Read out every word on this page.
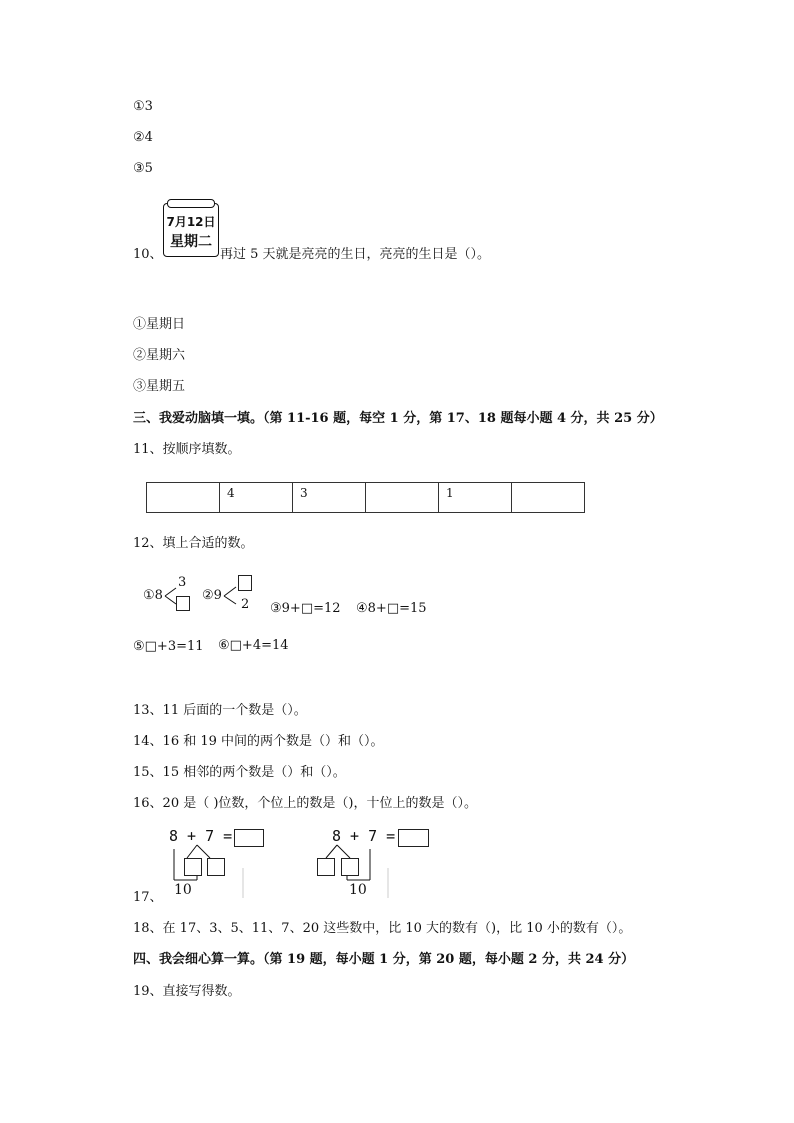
①3
②4
③5
10、
7月12日
星期二
再过 5 天就是亮亮的生日，亮亮的生日是（）。
①星期日
②星期六
③星期五
三、我爱动脑填一填。（第 11-16 题，每空 1 分，第 17、18 题每小题 4 分，共 25 分）
11、按顺序填数。
	4	3		1	
12、填上合适的数。
①8
3
②9
2 ③9+□=12 ④8+□=15
⑤□+3=11 ⑥□+4=14
13、11 后面的一个数是（）。
14、16 和 19 中间的两个数是（）和（）。
15、15 相邻的两个数是（）和（）。
16、20 是（ )位数，个位上的数是（)，十位上的数是（）。
8 + 7 =
10
8 + 7 =
10
17、
18、在 17、3、5、11、7、20 这些数中，比 10 大的数有（)，比 10 小的数有（）。
四、我会细心算一算。（第 19 题，每小题 1 分，第 20 题，每小题 2 分，共 24 分）
19、直接写得数。
